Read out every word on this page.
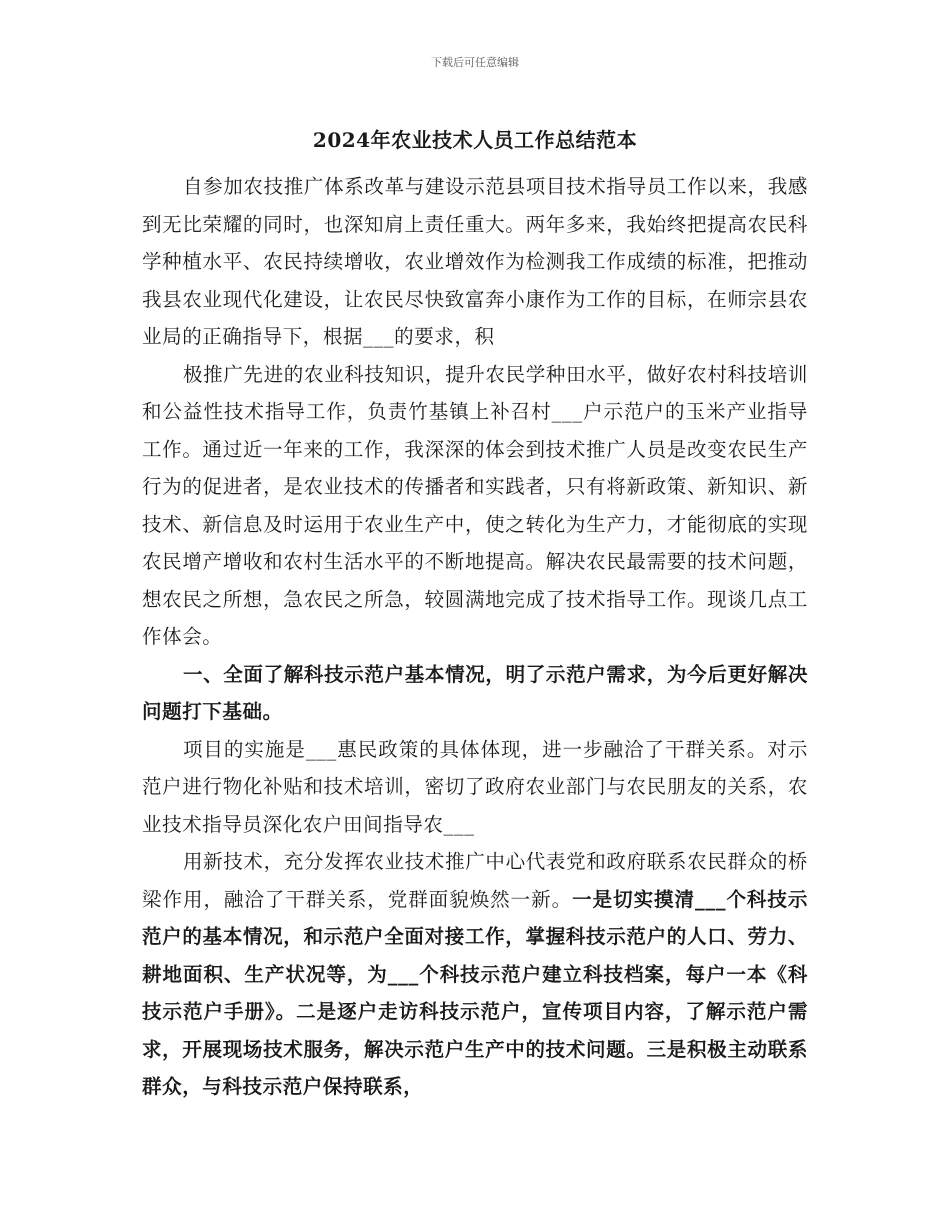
下载后可任意编辑
2024年农业技术人员工作总结范本

自参加农技推广体系改革与建设示范县项目技术指导员工作以来，我感到无比荣耀的同时，也深知肩上责任重大。两年多来，我始终把提高农民科学种植水平、农民持续增收，农业增效作为检测我工作成绩的标准，把推动我县农业现代化建设，让农民尽快致富奔小康作为工作的目标，在师宗县农业局的正确指导下，根据___的要求，积

极推广先进的农业科技知识，提升农民学种田水平，做好农村科技培训和公益性技术指导工作，负责竹基镇上补召村___户示范户的玉米产业指导工作。通过近一年来的工作，我深深的体会到技术推广人员是改变农民生产行为的促进者，是农业技术的传播者和实践者，只有将新政策、新知识、新技术、新信息及时运用于农业生产中，使之转化为生产力，才能彻底的实现农民增产增收和农村生活水平的不断地提高。解决农民最需要的技术问题，想农民之所想，急农民之所急，较圆满地完成了技术指导工作。现谈几点工作体会。

一、全面了解科技示范户基本情况，明了示范户需求，为今后更好解决问题打下基础。

项目的实施是___惠民政策的具体体现，进一步融洽了干群关系。对示范户进行物化补贴和技术培训，密切了政府农业部门与农民朋友的关系，农业技术指导员深化农户田间指导农___

用新技术，充分发挥农业技术推广中心代表党和政府联系农民群众的桥梁作用，融洽了干群关系，党群面貌焕然一新。一是切实摸清___个科技示范户的基本情况，和示范户全面对接工作，掌握科技示范户的人口、劳力、耕地面积、生产状况等，为___个科技示范户建立科技档案，每户一本《科技示范户手册》。二是逐户走访科技示范户，宣传项目内容，了解示范户需求，开展现场技术服务，解决示范户生产中的技术问题。三是积极主动联系群众，与科技示范户保持联系，
